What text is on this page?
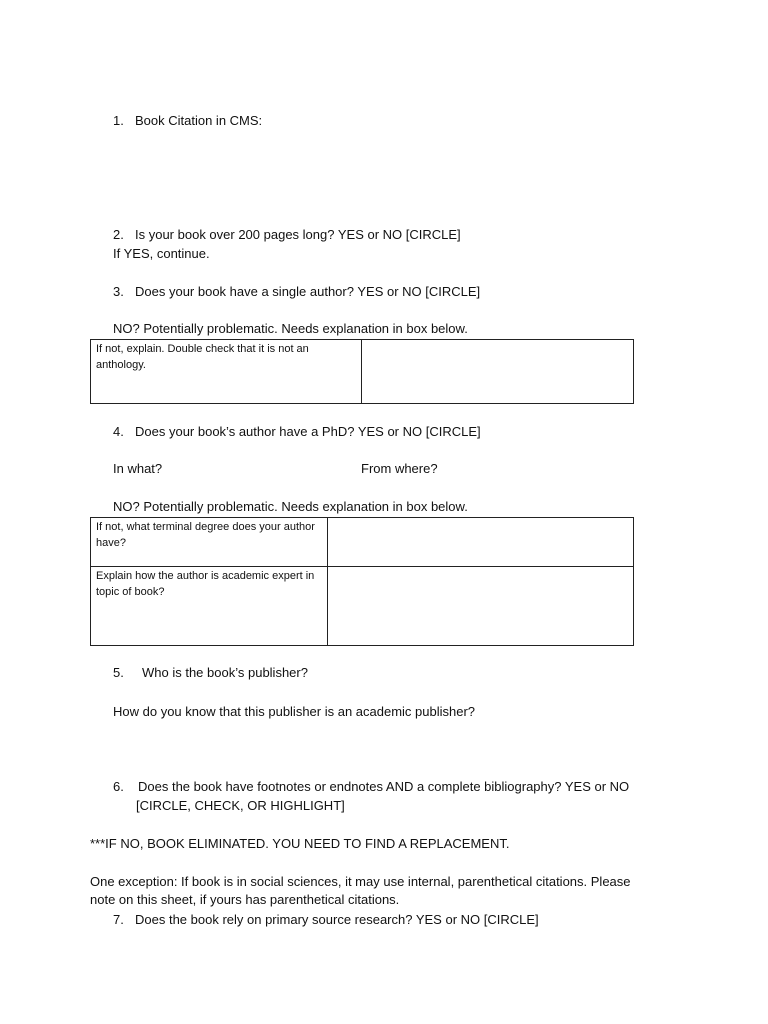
1. Book Citation in CMS:
2. Is your book over 200 pages long? YES or NO [CIRCLE]
If YES, continue.
3. Does your book have a single author? YES or NO [CIRCLE]
NO? Potentially problematic. Needs explanation in box below.
If not, explain. Double check that it is not an anthology.	
4. Does your book’s author have a PhD? YES or NO [CIRCLE]
In what?	From where?
NO? Potentially problematic. Needs explanation in box below.
If not, what terminal degree does your author have?	
Explain how the author is academic expert in topic of book?	
5. Who is the book’s publisher?
How do you know that this publisher is an academic publisher?
6. Does the book have footnotes or endnotes AND a complete bibliography? YES or NO
[CIRCLE, CHECK, OR HIGHLIGHT]
***IF NO, BOOK ELIMINATED. YOU NEED TO FIND A REPLACEMENT.
One exception: If book is in social sciences, it may use internal, parenthetical citations. Please
note on this sheet, if yours has parenthetical citations.
7. Does the book rely on primary source research? YES or NO [CIRCLE]
